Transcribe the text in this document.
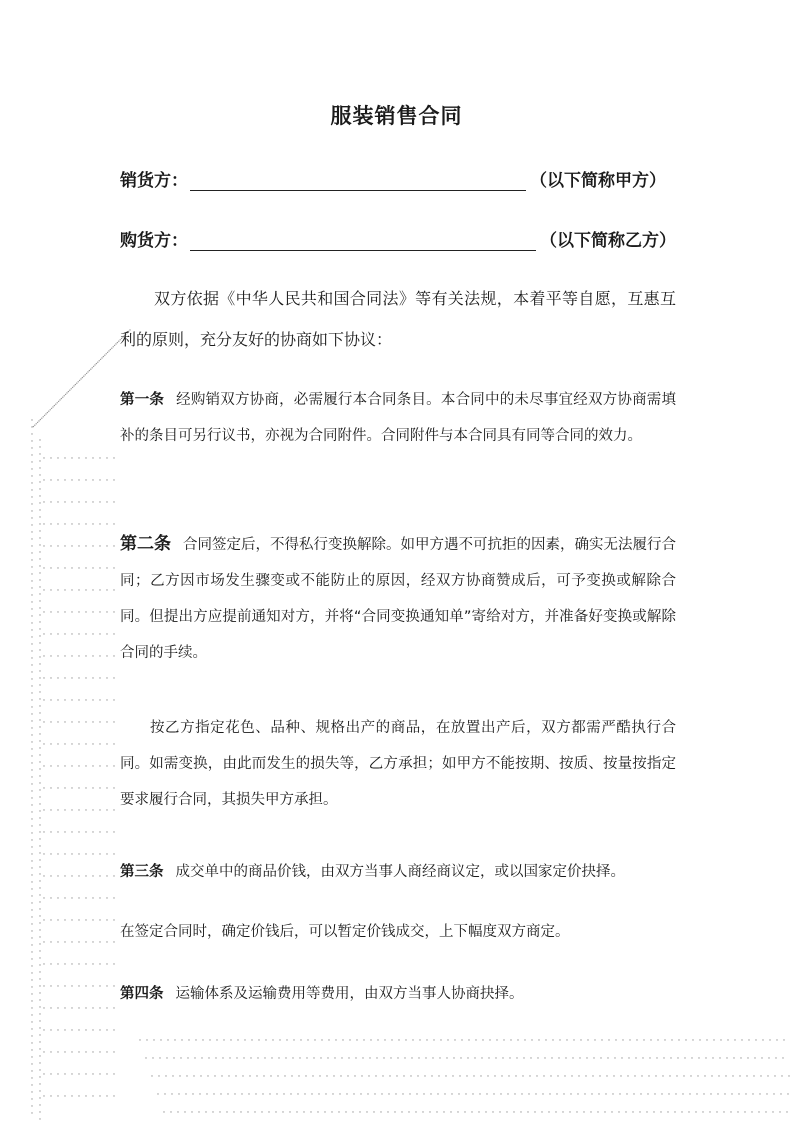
服装销售合同
销货方：	（以下简称甲方）
购货方：	（以下简称乙方）

双方依据《中华人民共和国合同法》等有关法规，本着平等自愿，互惠互利的原则，充分友好的协商如下协议：

第一条 经购销双方协商，必需履行本合同条目。本合同中的未尽事宜经双方协商需填补的条目可另行议书，亦视为合同附件。合同附件与本合同具有同等合同的效力。

第二条 合同签定后，不得私行变换解除。如甲方遇不可抗拒的因素，确实无法履行合同；乙方因市场发生骤变或不能防止的原因，经双方协商赞成后，可予变换或解除合同。但提出方应提前通知对方，并将“合同变换通知单”寄给对方，并准备好变换或解除合同的手续。

按乙方指定花色、品种、规格出产的商品，在放置出产后，双方都需严酷执行合同。如需变换，由此而发生的损失等，乙方承担；如甲方不能按期、按质、按量按指定要求履行合同，其损失甲方承担。

第三条 成交单中的商品价钱，由双方当事人商经商议定，或以国家定价抉择。

在签定合同时，确定价钱后，可以暂定价钱成交，上下幅度双方商定。

第四条 运输体系及运输费用等费用，由双方当事人协商抉择。
